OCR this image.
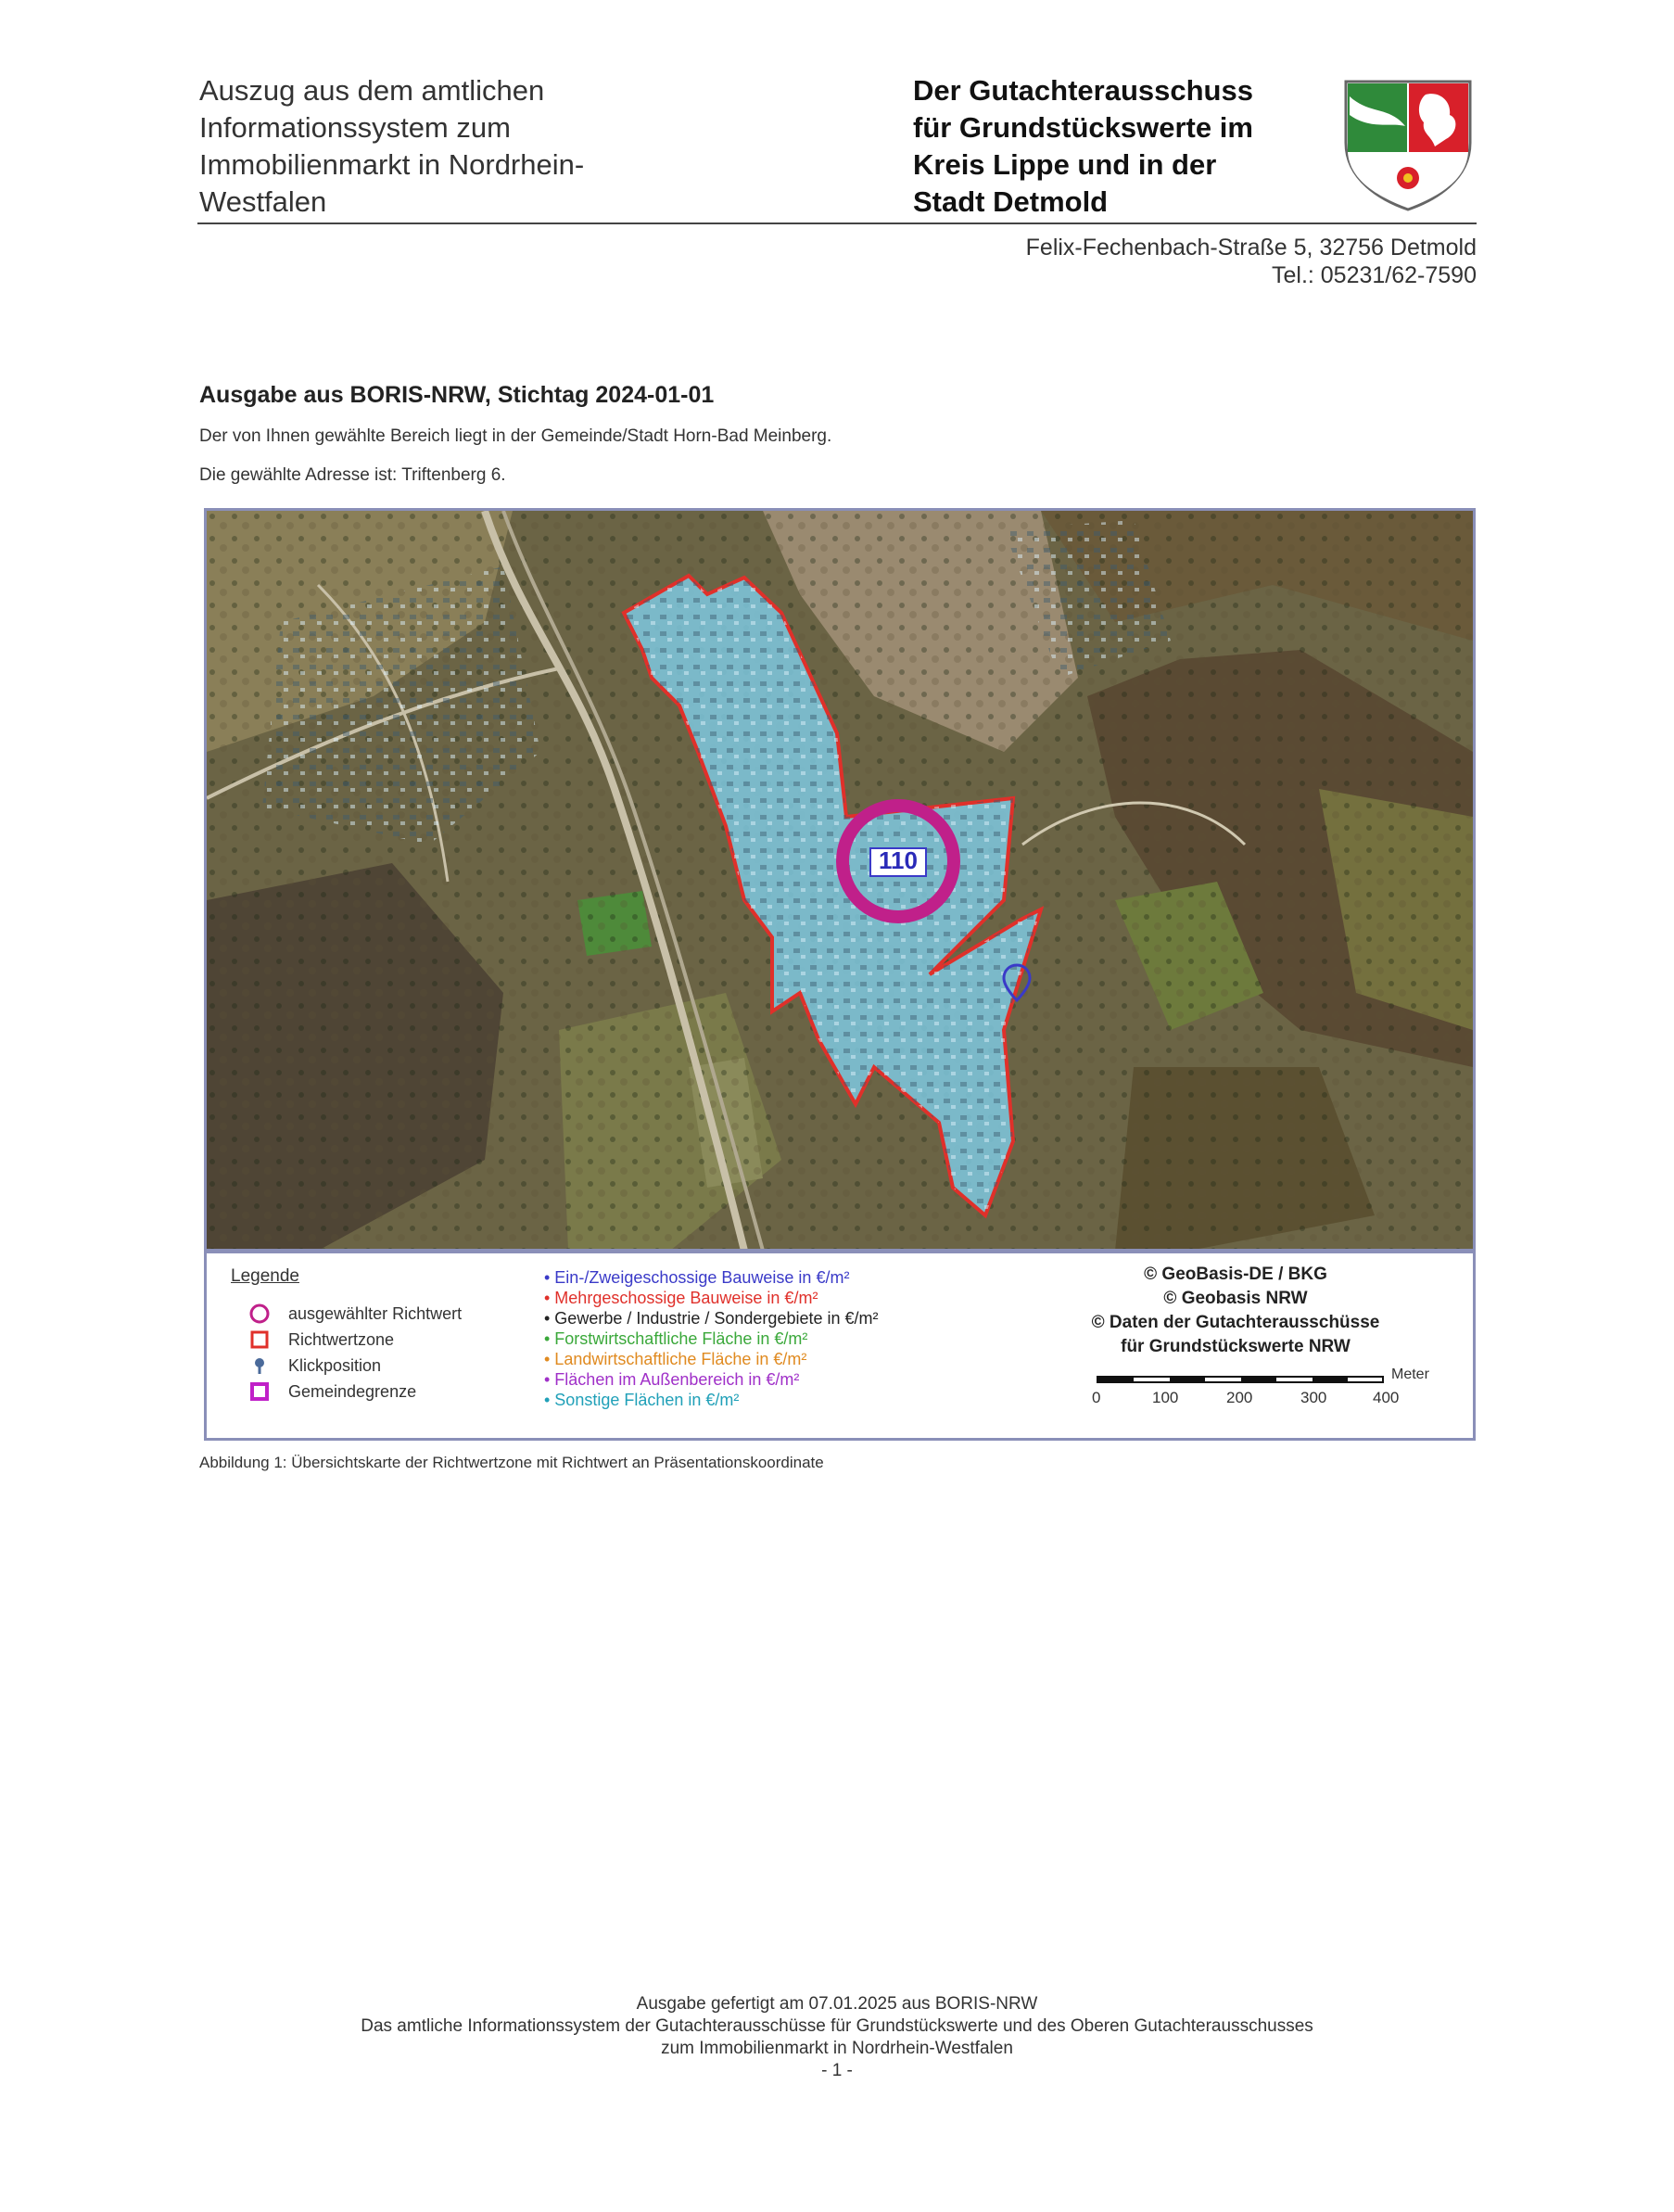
Auszug aus dem amtlichen
Informationssystem zum
Immobilienmarkt in Nordrhein-
Westfalen
Der Gutachterausschuss
für Grundstückswerte im
Kreis Lippe und in der
Stadt Detmold
Felix-Fechenbach-Straße 5, 32756 Detmold
Tel.: 05231/62-7590
Ausgabe aus BORIS-NRW, Stichtag 2024-01-01
Der von Ihnen gewählte Bereich liegt in der Gemeinde/Stadt Horn-Bad Meinberg.
Die gewählte Adresse ist: Triftenberg 6.
110
Legende
ausgewählter Richtwert
Richtwertzone
Klickposition
Gemeindegrenze
• Ein-/Zweigeschossige Bauweise in €/m²
• Mehrgeschossige Bauweise in €/m²
• Gewerbe / Industrie / Sondergebiete in €/m²
• Forstwirtschaftliche Fläche in €/m²
• Landwirtschaftliche Fläche in €/m²
• Flächen im Außenbereich in €/m²
• Sonstige Flächen in €/m²
© GeoBasis-DE / BKG
© Geobasis NRW
© Daten der Gutachterausschüsse
für Grundstückswerte NRW
Meter
0	100	200	300	400
Abbildung 1: Übersichtskarte der Richtwertzone mit Richtwert an Präsentationskoordinate
Ausgabe gefertigt am 07.01.2025 aus BORIS-NRW
Das amtliche Informationssystem der Gutachterausschüsse für Grundstückswerte und des Oberen Gutachterausschusses
zum Immobilienmarkt in Nordrhein-Westfalen
- 1 -
